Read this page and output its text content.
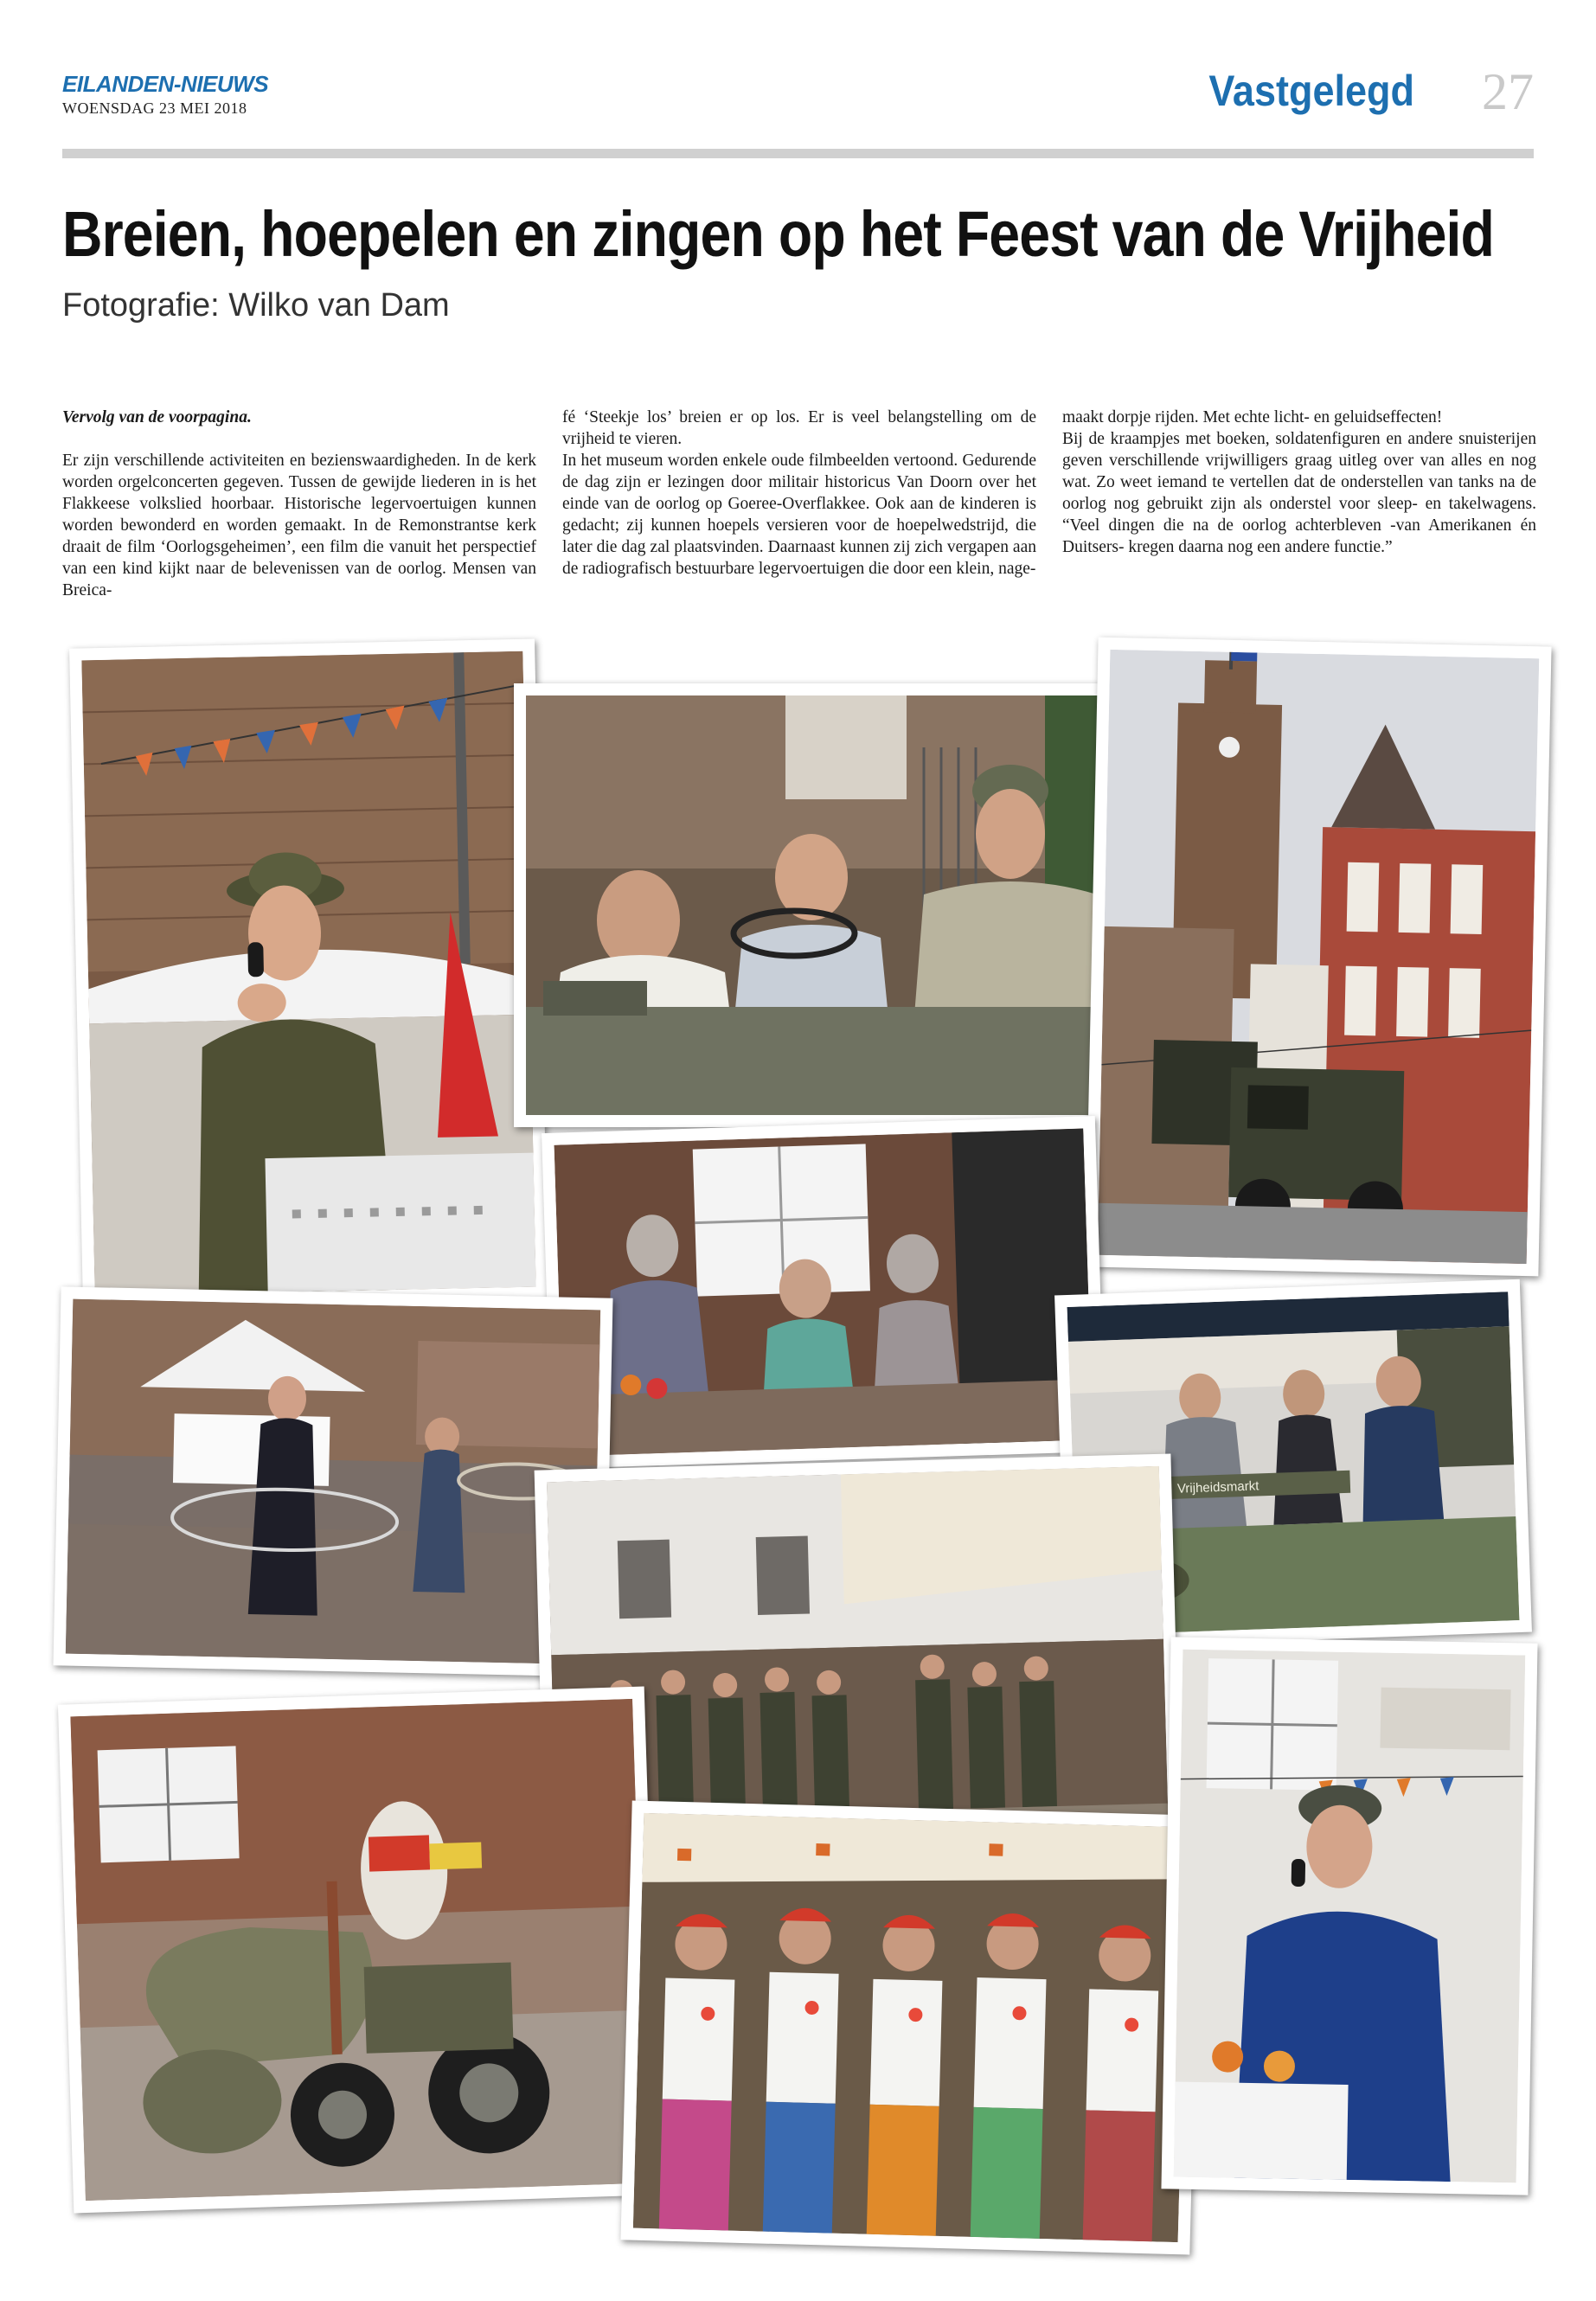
EILANDEN-NIEUWS
WOENSDAG 23 MEI 2018	Vastgelegd 27
Breien, hoepelen en zingen op het Feest van de Vrijheid
Fotografie: Wilko van Dam

Vervolg van de voorpagina.

Er zijn verschillende activiteiten en bezienswaardigheden. In de kerk worden orgelconcerten gegeven. Tussen de gewijde liederen in is het Flakkeese volkslied hoorbaar. Historische legervoertuigen kunnen worden bewonderd en worden gemaakt. In de Remonstrantse kerk draait de film ‘Oorlogsgeheimen’, een film die vanuit het perspectief van een kind kijkt naar de belevenissen van de oorlog. Mensen van Breica-

fé ‘Steekje los’ breien er op los. Er is veel belangstelling om de vrijheid te vieren.

In het museum worden enkele oude filmbeelden vertoond. Gedurende de dag zijn er lezingen door militair historicus Van Doorn over het einde van de oorlog op Goeree-Overflakkee. Ook aan de kinderen is gedacht; zij kunnen hoepels versieren voor de hoepelwedstrijd, die later die dag zal plaatsvinden. Daarnaast kunnen zij zich vergapen aan de radiografisch bestuurbare legervoertuigen die door een klein, nage-

maakt dorpje rijden. Met echte licht- en geluidseffecten!

Bij de kraampjes met boeken, soldatenfiguren en andere snuisterijen geven verschillende vrijwilligers graag uitleg over van alles en nog wat. Zo weet iemand te vertellen dat de onderstellen van tanks na de oorlog nog gebruikt zijn als onderstel voor sleep- en takelwagens. “Veel dingen die na de oorlog achterbleven -van Amerikanen én Duitsers- kregen daarna nog een andere functie.”

Vrijheidsmarkt
